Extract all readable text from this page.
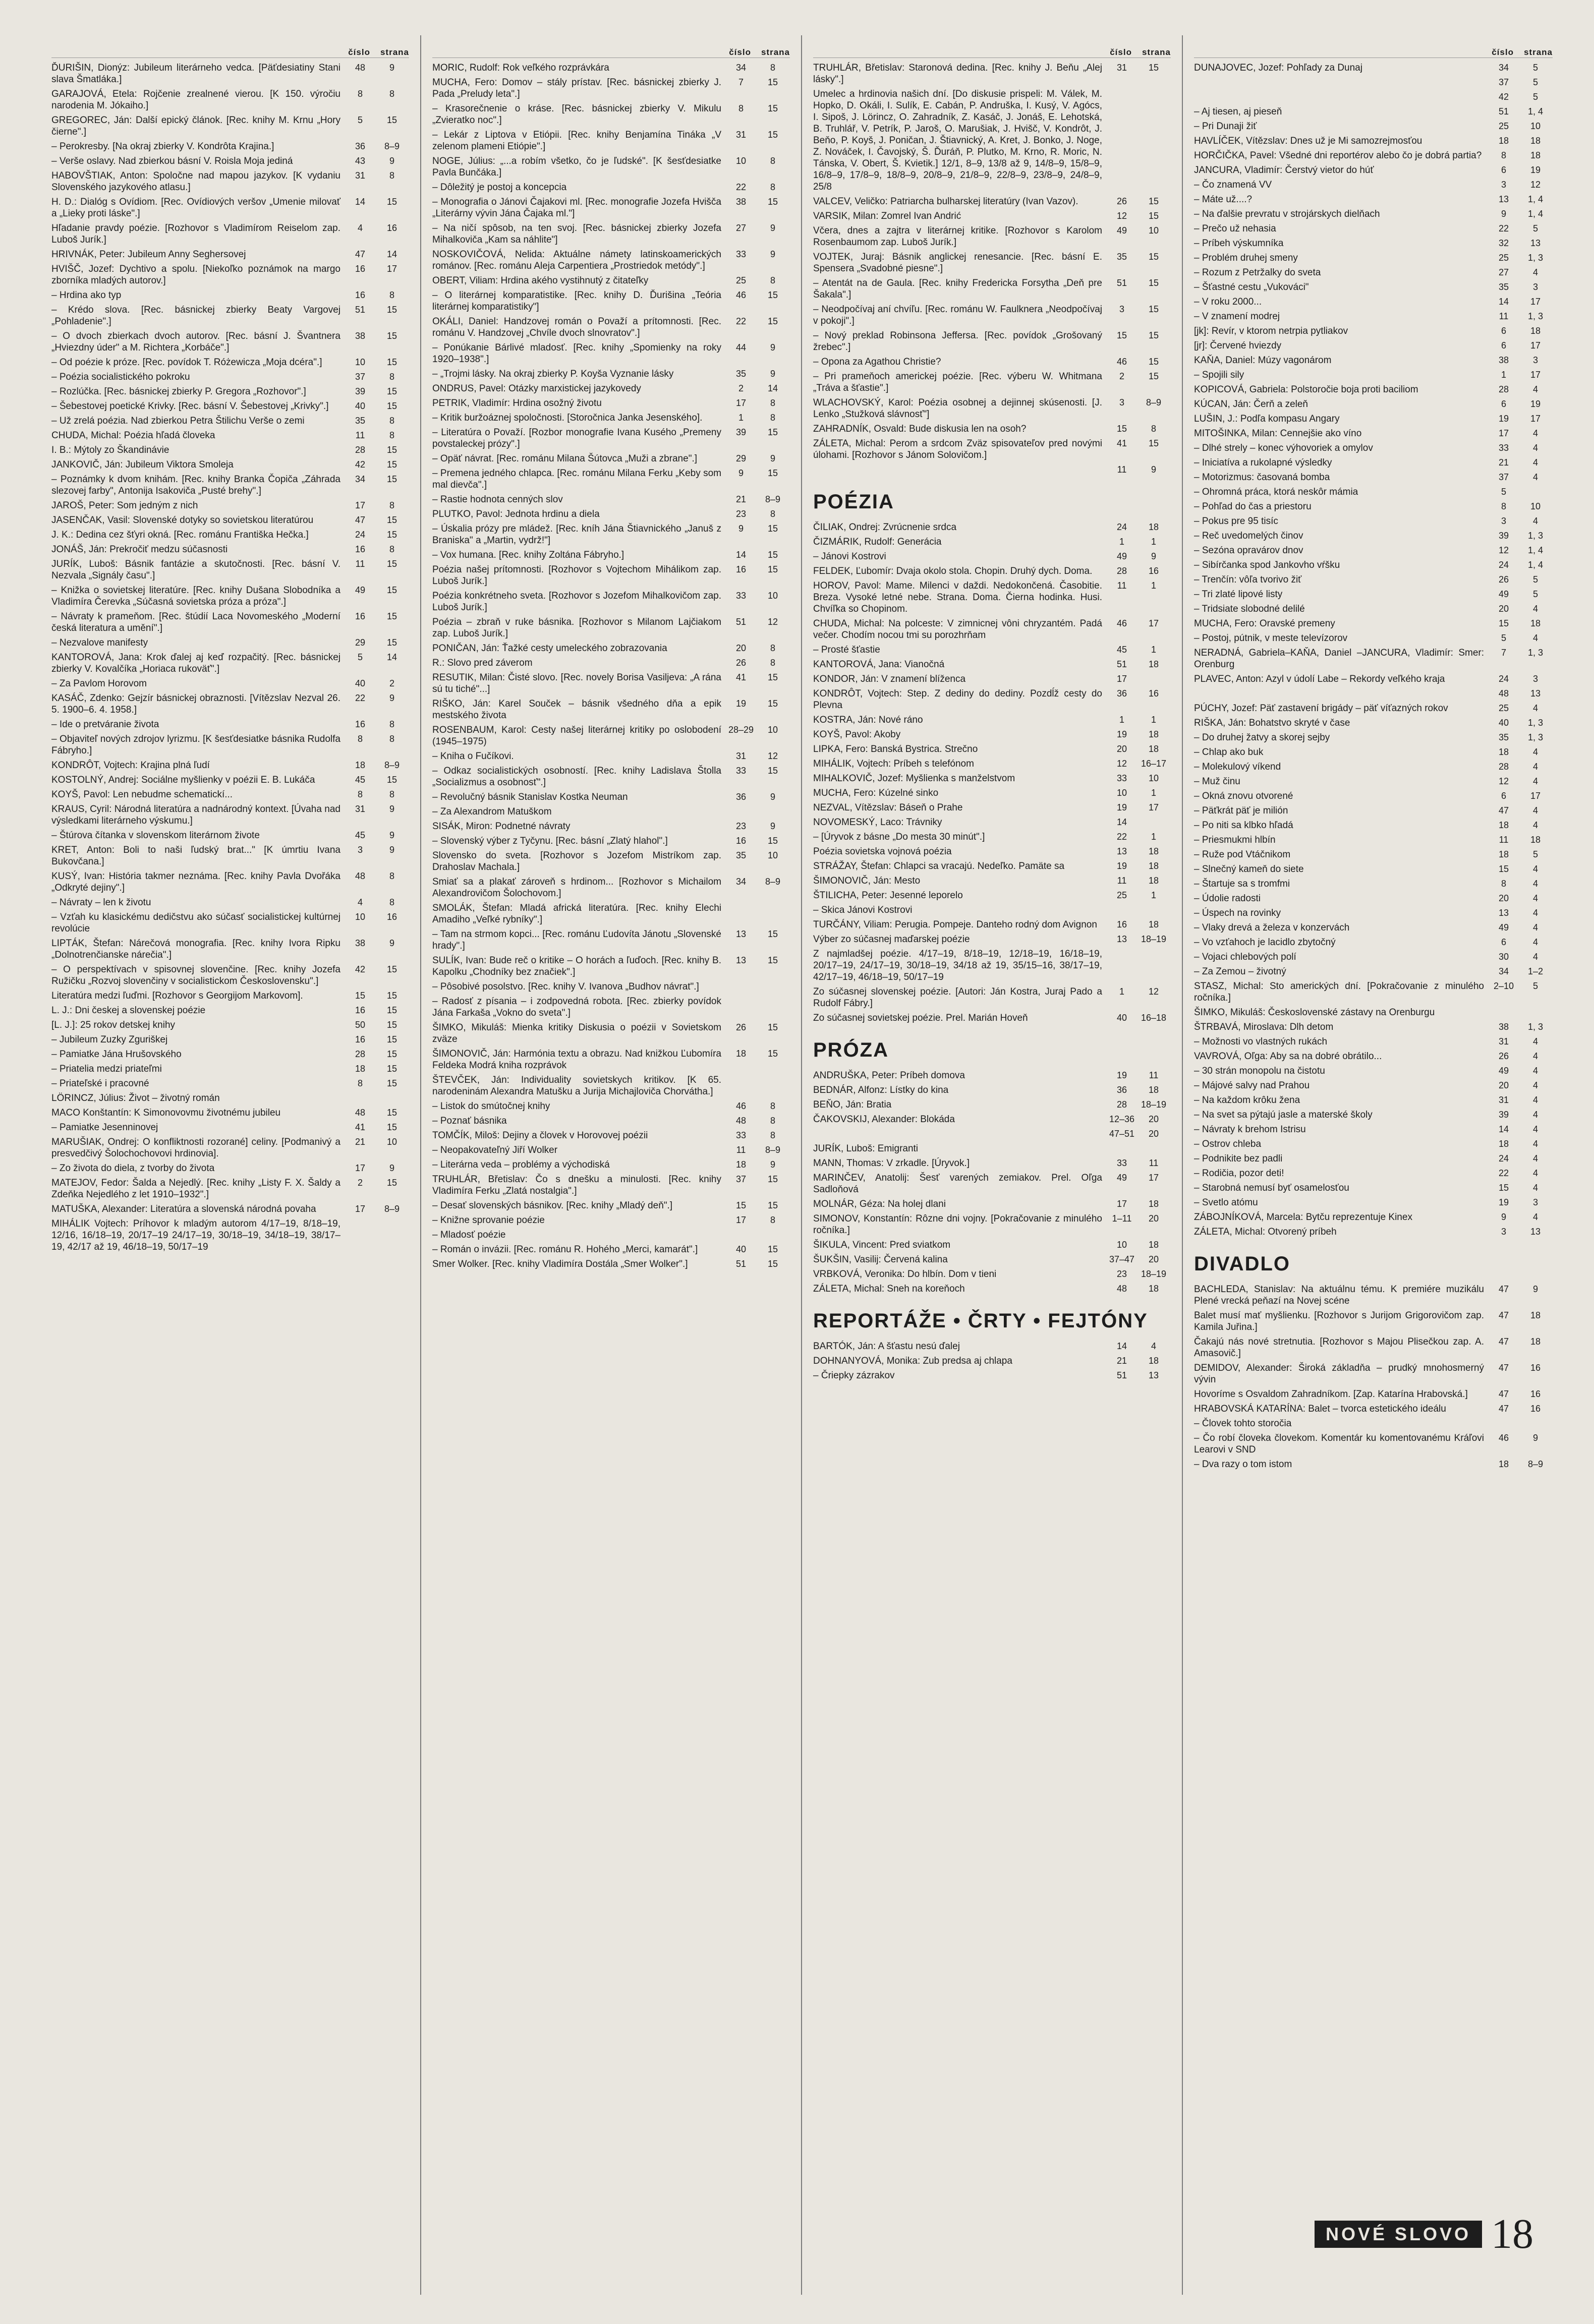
číslo strana
ĎURIŠIN, Dionýz: Jubileum literárneho vedca. [Päťdesiatiny Stani slava Šmatláka.]
48	9
GARAJOVÁ, Etela: Rojčenie zrealnené vierou. [K 150. výročiu narodenia M. Jókaiho.]
8	8
GREGOREC, Ján: Další epický článok. [Rec. knihy M. Krnu „Hory čierne".]
5	15
– Perokresby. [Na okraj zbierky V. Kondrôta Krajina.]	36	8–9
– Verše oslavy. Nad zbierkou básní V. Roisla Moja jediná	43	9
HABOVŠTIAK, Anton: Spoločne nad mapou jazykov. [K vydaniu Slovenského jazykového atlasu.]
31	8
H. D.: Dialóg s Ovídiom. [Rec. Ovídiových veršov „Umenie milovať a „Lieky proti láske".]
14	15
Hľadanie pravdy poézie. [Rozhovor s Vladimírom Reiselom zap. Luboš Jurík.]
4	16
HRIVNÁK, Peter: Jubileum Anny Seghersovej	47	14
HVIŠČ, Jozef: Dychtivo a spolu. [Niekoľko poznámok na margo zborníka mladých autorov.]
16	17
– Hrdina ako typ	16	8
– Krédo slova. [Rec. básnickej zbierky Beaty Vargovej „Pohladenie".]
51	15
– O dvoch zbierkach dvoch autorov. [Rec. básní J. Švantnera „Hviezdny úder" a M. Richtera „Korbáče".]
38	15
– Od poézie k próze. [Rec. povídok T. Różewicza „Moja dcéra".]	10	15
– Poézia socialistického pokroku	37	8
– Rozlúčka. [Rec. básnickej zbierky P. Gregora „Rozhovor".]	39	15
– Šebestovej poetické Krivky. [Rec. básní V. Šebestovej „Krivky".]	40	15
– Už zrelá poézia. Nad zbierkou Petra Štilichu Verše o zemi	35	8
CHUDA, Michal: Poézia hľadá človeka	11	8
I. B.: Mýtoly zo Škandinávie	28	15
JANKOVIČ, Ján: Jubileum Viktora Smoleja	42	15
– Poznámky k dvom knihám. [Rec. knihy Branka Čopiča „Záhrada slezovej farby", Antonija Isakoviča „Pusté brehy".]
34	15
JAROŠ, Peter: Som jedným z nich	17	8
JASENČAK, Vasil: Slovenské dotyky so sovietskou literatúrou	47	15
J. K.: Dedina cez šťyri okná. [Rec. románu Františka Hečka.]	24	15
JONÁŠ, Ján: Prekročiť medzu súčasnosti	16	8
JURÍK, Luboš: Básnik fantázie a skutočnosti. [Rec. básní V. Nezvala „Signály času".]
11	15
– Knižka o sovietskej literatúre. [Rec. knihy Dušana Slobodníka a Vladimíra Čerevka „Súčasná sovietska próza a próza".]
49	15
– Návraty k prameňom. [Rec. štúdií Laca Novomeského „Moderní česká literatura a umění".]
16	15
– Nezvalove manifesty	29	15
KANTOROVÁ, Jana: Krok ďalej aj keď rozpačitý. [Rec. básnickej zbierky V. Kovalčíka „Horiaca rukoväť".]
5	14
– Za Pavlom Horovom	40	2
KASÁČ, Zdenko: Gejzír básnickej obraznosti. [Vítězslav Nezval 26. 5. 1900–6. 4. 1958.]
22	9
– Ide o pretváranie života	16	8
– Objaviteľ nových zdrojov lyrizmu. [K šesťdesiatke básnika Rudolfa Fábryho.]
8	8
KONDRÔT, Vojtech: Krajina plná ľudí	18	8–9
KOSTOLNÝ, Andrej: Sociálne myšlienky v poézii E. B. Lukáča	45	15
KOYŠ, Pavol: Len nebudme schematickí...	8	8
KRAUS, Cyril: Národná literatúra a nadnárodný kontext. [Úvaha nad výsledkami literárneho výskumu.]
31	9
– Štúrova čítanka v slovenskom literárnom živote	45	9
KRET, Anton: Boli to naši ľudský brat..." [K úmrtiu Ivana Bukovčana.]
3	9
KUSÝ, Ivan: História takmer neznáma. [Rec. knihy Pavla Dvořáka „Odkryté dejiny".]
48	8
– Návraty – len k životu	4	8
– Vzťah ku klasickému dedičstvu ako súčasť socialistickej kultúrnej revolúcie
10	16
LIPTÁK, Štefan: Nárečová monografia. [Rec. knihy Ivora Ripku „Dolnotrenčianske nárečia".]
38	9
– O perspektívach v spisovnej slovenčine. [Rec. knihy Jozefa Ružičku „Rozvoj slovenčiny v socialistickom Československu".]
42	15
Literatúra medzi ľuďmi. [Rozhovor s Georgijom Markovom].	15	15
L. J.: Dni českej a slovenskej poézie	16	15
[L. J.]: 25 rokov detskej knihy	50	15
– Jubileum Zuzky Zguriškej	16	15
– Pamiatke Jána Hrušovského	28	15
– Priatelia medzi priateľmi	18	15
– Priateľské i pracovné	8	15
LÖRINCZ, Július: Život – životný román
MACO Konštantín: K Simonovovmu životnému jubileu	48	15
– Pamiatke Jesenninovej	41	15
MARUŠIAK, Ondrej: O konfliktnosti rozorané] celiny. [Podmanivý a presvedčivý Šolochochovovi hrdinovia].
21	10
– Zo života do diela, z tvorby do života	17	9
MATEJOV, Fedor: Šalda a Nejedlý. [Rec. knihy „Listy F. X. Šaldy a Zdeňka Nejedlého z let 1910–1932".]
2	15
MATUŠKA, Alexander: Literatúra a slovenská národná povaha	17	8–9
MIHÁLIK Vojtech: Príhovor k mladým autorom 4/17–19, 8/18–19, 12/16, 16/18–19, 20/17–19 24/17–19, 30/18–19, 34/18–19, 38/17–19, 42/17 až 19, 46/18–19, 50/17–19
číslo strana
MORIC, Rudolf: Rok veľkého rozprávkára	34	8
MUCHA, Fero: Domov – stály prístav. [Rec. básnickej zbierky J. Pada „Preludy leta".]
7	15
– Krasorečnenie o kráse. [Rec. básnickej zbierky V. Mikulu „Zvieratko noc".]
8	15
– Lekár z Liptova v Etiópii. [Rec. knihy Benjamína Tináka „V zelenom plameni Etiópie".]
31	15
NOGE, Július: „...a robím všetko, čo je ľudské". [K šesťdesiatke Pavla Bunčáka.]
10	8
– Dôležitý je postoj a koncepcia	22	8
– Monografia o Jánovi Čajakovi ml. [Rec. monografie Jozefa Hvišča „Literárny vývin Jána Čajaka ml."]
38	15
– Na ničí spôsob, na ten svoj. [Rec. básnickej zbierky Jozefa Mihalkoviča „Kam sa náhlite"]
27	9
NOSKOVIČOVÁ, Nelida: Aktuálne námety latinskoamerických románov. [Rec. románu Aleja Carpentiera „Prostriedok metódy".]
33	9
OBERT, Viliam: Hrdina akého vystihnutý z čitateľky	25	8
– O literárnej komparatistike. [Rec. knihy D. Ďurišina „Teória literárnej komparatistiky"]
46	15
OKÁLI, Daniel: Handzovej román o Považí a prítomnosti. [Rec. románu V. Handzovej „Chvíle dvoch slnovratov".]
22	15
– Ponúkanie Bárlivé mladosť. [Rec. knihy „Spomienky na roky 1920–1938".]
44	9
– „Trojmi lásky. Na okraj zbierky P. Koyša Vyznanie lásky	35	9
ONDRUS, Pavel: Otázky marxistickej jazykovedy	2	14
PETRIK, Vladimír: Hrdina osožný životu	17	8
– Kritik buržoáznej spoločnosti. [Storočnica Janka Jesenského].	1	8
– Literatúra o Považí. [Rozbor monografie Ivana Kusého „Premeny povstaleckej prózy".]
39	15
– Opäť návrat. [Rec. románu Milana Šútovca „Muži a zbrane".]	29	9
– Premena jedného chlapca. [Rec. románu Milana Ferku „Keby som mal dievča".]
9	15
– Rastie hodnota cenných slov	21	8–9
PLUTKO, Pavol: Jednota hrdinu a diela	23	8
– Úskalia prózy pre mládež. [Rec. kníh Jána Štiavnického „Januš z Braniska" a „Martin, vydrž!"]
9	15
– Vox humana. [Rec. knihy Zoltána Fábryho.]	14	15
Poézia našej prítomnosti. [Rozhovor s Vojtechom Mihálikom zap. Luboš Jurík.]
16	15
Poézia konkrétneho sveta. [Rozhovor s Jozefom Mihalkovičom zap. Luboš Jurík.]
33	10
Poézia – zbraň v ruke básnika. [Rozhovor s Milanom Lajčiakom zap. Luboš Jurík.]
51	12
PONIČAN, Ján: Ťažké cesty umeleckého zobrazovania	20	8
R.: Slovo pred záverom	26	8
RESUTIK, Milan: Čisté slovo. [Rec. novely Borisa Vasiljeva: „A rána sú tu tiché"...]
41	15
RIŠKO, Ján: Karel Souček – básnik všedného dňa a epik mestského života
19	15
ROSENBAUM, Karol: Cesty našej literárnej kritiky po oslobodení (1945–1975)
28–29	10
– Kniha o Fučíkovi.	31	12
– Odkaz socialistických osobností. [Rec. knihy Ladislava Štolla „Socializmus a osobnosť".]
33	15
– Revolučný básnik Stanislav Kostka Neuman	36	9
– Za Alexandrom Matuškom
SISÁK, Miron: Podnetné návraty	23	9
– Slovenský výber z Tyčynu. [Rec. básní „Zlatý hlahol".]	16	15
Slovensko do sveta. [Rozhovor s Jozefom Mistríkom zap. Drahoslav Machala.]
35	10
Smiať sa a plakať zároveň s hrdinom... [Rozhovor s Michailom Alexandrovičom Šolochovom.]
34	8–9
SMOLÁK, Štefan: Mladá africká literatúra. [Rec. knihy Elechi Amadiho „Veľké rybníky".]
– Tam na strmom kopci... [Rec. románu Ľudovíta Jánotu „Slovenské hrady".]
13	15
SULÍK, Ivan: Bude reč o kritike – O horách a ľuďoch. [Rec. knihy B. Kapolku „Chodníky bez značiek".]
13	15
– Pôsobivé posolstvo. [Rec. knihy V. Ivanova „Budhov návrat".]
– Radosť z písania – i zodpovedná robota. [Rec. zbierky povídok Jána Farkaša „Vokno do sveta".]
ŠIMKO, Mikuláš: Mienka kritiky Diskusia o poézii v Sovietskom zväze
26	15
ŠIMONOVIČ, Ján: Harmónia textu a obrazu. Nad knižkou Ľubomíra Feldeka Modrá kniha rozprávok
18	15
ŠTEVČEK, Ján: Individuality sovietskych kritikov. [K 65. narodeninám Alexandra Matušku a Jurija Michajloviča Chorvátha.]
– Listok do smútočnej knihy	46	8
– Poznať básnika	48	8
TOMČÍK, Miloš: Dejiny a človek v Horovovej poézii	33	8
– Neopakovateľný Jiří Wolker	11	8–9
– Literárna veda – problémy a východiská	18	9
TRUHLÁR, Břetislav: Čo s dnešku a minulosti. [Rec. knihy Vladimíra Ferku „Zlatá nostalgia".]
37	15
– Desať slovenských básnikov. [Rec. knihy „Mladý deň".]	15	15
– Knižne sprovanie poézie	17	8
– Mladosť poézie
– Román o invázii. [Rec. románu R. Hohého „Merci, kamarát".]	40	15
Smer Wolker. [Rec. knihy Vladimíra Dostála „Smer Wolker".]	51	15
číslo strana
TRUHLÁR, Břetislav: Staronová dedina. [Rec. knihy J. Beňu „Alej lásky".]
31	15
Umelec a hrdinovia našich dní. [Do diskusie prispeli: M. Válek, M. Hopko, D. Okáli, I. Sulík, E. Cabán, P. Andruška, I. Kusý, V. Agócs, I. Sipoš, J. Lörincz, O. Zahradník, Z. Kasáč, J. Jonáš, E. Lehotská, B. Truhlář, V. Petrík, P. Jaroš, O. Marušiak, J. Hvišč, V. Kondrôt, J. Beňo, P. Koyš, J. Poničan, J. Štiavnický, A. Kret, J. Bonko, J. Noge, Z. Nováček, I. Čavojský, Š. Ďuráň, P. Plutko, M. Krno, R. Moric, N. Tánska, V. Obert, Š. Kvietik.] 12/1, 8–9, 13/8 až 9, 14/8–9, 15/8–9, 16/8–9, 17/8–9, 18/8–9, 20/8–9, 21/8–9, 22/8–9, 23/8–9, 24/8–9, 25/8
VALCEV, Veličko: Patriarcha bulharskej literatúry (Ivan Vazov).	26	15
VARSIK, Milan: Zomrel Ivan Andrić	12	15
Včera, dnes a zajtra v literárnej kritike. [Rozhovor s Karolom Rosenbaumom zap. Luboš Jurík.]
49	10
VOJTEK, Juraj: Básnik anglickej renesancie. [Rec. básní E. Spensera „Svadobné piesne".]
35	15
– Atentát na de Gaula. [Rec. knihy Fredericka Forsytha „Deň pre Šakala".]
51	15
– Neodpočívaj aní chvíľu. [Rec. románu W. Faulknera „Neodpočívaj v pokoji".]
3	15
– Nový preklad Robinsona Jeffersa. [Rec. povídok „Grošovaný žrebec".]
15	15
– Opona za Agathou Christie?	46	15
– Pri prameňoch americkej poézie. [Rec. výberu W. Whitmana „Tráva a šťastie".]
2	15
WLACHOVSKÝ, Karol: Poézia osobnej a dejinnej skúsenosti. [J. Lenko „Stužková slávnosť"]
3	8–9
ZAHRADNÍK, Osvald: Bude diskusia len na osoh?	15	8
ZÁLETA, Michal: Perom a srdcom Zväz spisovateľov pred novými úlohami. [Rozhovor s Jánom Solovičom.]
41	15
11	9
POÉZIA
ČILIAK, Ondrej: Zvrúcnenie srdca	24	18
ČIZMÁRIK, Rudolf: Generácia	1	1
– Jánovi Kostrovi	49	9
FELDEK, Ľubomír: Dvaja okolo stola. Chopin. Druhý dych. Doma.	28	16
HOROV, Pavol: Mame. Milenci v daždi. Nedokončená. Časobitie. Breza. Vysoké letné nebe. Strana. Doma. Čierna hodinka. Husi. Chvíľka so Chopinom.
11	1
CHUDA, Michal: Na polceste: V zimnicnej vôni chryzantém. Padá večer. Chodím nocou tmi su porozhrňam
46	17
– Prosté šťastie	45	1
KANTOROVÁ, Jana: Vianočná	51	18
KONDOR, Ján: V znamení blíženca	17
KONDRÔT, Vojtech: Step. Z dediny do dediny. Pozdĺž cesty do Plevna
36	16
KOSTRA, Ján: Nové ráno	1	1
KOYŠ, Pavol: Akoby	19	18
LIPKA, Fero: Banská Bystrica. Strečno	20	18
MIHÁLIK, Vojtech: Príbeh s telefónom	12	16–17
MIHALKOVIČ, Jozef: Myšlienka s manželstvom	33	10
MUCHA, Fero: Kúzelné sinko	10	1
NEZVAL, Vítězslav: Báseň o Prahe	19	17
NOVOMESKÝ, Laco: Trávniky	14
– [Úryvok z básne „Do mesta 30 minút".]	22	1
Poézia sovietska vojnová poézia	13	18
STRÁŽAY, Štefan: Chlapci sa vracajú. Nedeľko. Pamäte sa	19	18
ŠIMONOVIČ, Ján: Mesto	11	18
ŠTILICHA, Peter: Jesenné leporelo	25	1
– Skica Jánovi Kostrovi
TURČÁNY, Viliam: Perugia. Pompeje. Danteho rodný dom Avignon	16	18
Výber zo súčasnej maďarskej poézie	13	18–19
Z najmladšej poézie. 4/17–19, 8/18–19, 12/18–19, 16/18–19, 20/17–19, 24/17–19, 30/18–19, 34/18 až 19, 35/15–16, 38/17–19, 42/17–19, 46/18–19, 50/17–19
Zo súčasnej slovenskej poézie. [Autori: Ján Kostra, Juraj Pado a Rudolf Fábry.]
1	12
Zo súčasnej sovietskej poézie. Prel. Marián Hoveň	40	16–18
PRÓZA
ANDRUŠKA, Peter: Príbeh domova	19	11
BEDNÁR, Alfonz: Lístky do kina	36	18
BEŇO, Ján: Bratia	28	18–19
ČAKOVSKIJ, Alexander: Blokáda	12–36	20
47–51	20
JURÍK, Luboš: Emigranti
MANN, Thomas: V zrkadle. [Úryvok.]	33	11
MARINČEV, Anatolij: Šesť varených zemiakov. Prel. Oľga Sadloňová
49	17
MOLNÁR, Géza: Na holej dlani	17	18
SIMONOV, Konstantín: Rôzne dni vojny. [Pokračovanie z minulého ročníka.]
1–11	20
ŠIKULA, Vincent: Pred sviatkom	10	18
ŠUKŠIN, Vasilij: Červená kalina	37–47	20
VRBKOVÁ, Veronika: Do hlbín. Dom v tieni	23	18–19
ZÁLETA, Michal: Sneh na koreňoch	48	18
REPORTÁŽE • ČRTY • FEJTÓNY
BARTÓK, Ján: A šťastu nesú ďalej	14	4
DOHNANYOVÁ, Monika: Zub predsa aj chlapa	21	18
– Čriepky zázrakov	51	13
číslo strana
DUNAJOVEC, Jozef: Pohľady za Dunaj	34	5
37	5
42	5
– Aj tiesen, aj pieseň	51	1, 4
– Pri Dunaji žiť	25	10
HAVLÍČEK, Vítězslav: Dnes už je Mi samozrejmosťou	18	18
HORČIČKA, Pavel: Všedné dni reportérov alebo čo je dobrá partia?	8	18
JANCURA, Vladimír: Čerstvý vietor do húť	6	19
– Čo znamená VV	3	12
– Máte už....?	13	1, 4
– Na ďalšie prevratu v strojárskych dielňach	9	1, 4
– Prečo už nehasia	22	5
– Príbeh výskumníka	32	13
– Problém druhej smeny	25	1, 3
– Rozum z Petržalky do sveta	27	4
– Šťastné cestu „Vukováci"	35	3
– V roku 2000...	14	17
– V znamení modrej	11	1, 3
[jk]: Revír, v ktorom netrpia pytliakov	6	18
[jr]: Červené hviezdy	6	17
KAŇA, Daniel: Múzy vagonárom	38	3
– Spojili sily	1	17
KOPICOVÁ, Gabriela: Polstoročie boja proti baciliom	28	4
KÚCAN, Ján: Čerň a zeleň	6	19
LUŠIN, J.: Podľa kompasu Angary	19	17
MITOŠINKA, Milan: Cennejšie ako víno	17	4
– Dlhé strely – konec výhovoriek a omylov	33	4
– Iniciatíva a rukolapné výsledky	21	4
– Motorizmus: časovaná bomba	37	4
– Ohromná práca, ktorá neskôr mámia	5
– Pohľad do čas a priestoru	8	10
– Pokus pre 95 tisíc	3	4
– Reč uvedomelých činov	39	1, 3
– Sezóna opravárov dnov	12	1, 4
– Sibírčanka spod Jankovho vŕšku	24	1, 4
– Trenčín: vôľa tvorivo žiť	26	5
– Tri zlaté lipové listy	49	5
– Tridsiate slobodné delilé	20	4
MUCHA, Fero: Oravské premeny	15	18
– Postoj, pútnik, v meste televízorov	5	4
NERADNÁ, Gabriela–KAŇA, Daniel –JANCURA, Vladimír: Smer: Orenburg
7	1, 3
PLAVEC, Anton: Azyl v údolí Labe – Rekordy veľkého kraja	24	3
48	13
PÚCHY, Jozef: Päť zastavení brigády – päť víťazných rokov	25	4
RIŠKA, Ján: Bohatstvo skryté v čase	40	1, 3
– Do druhej žatvy a skorej sejby	35	1, 3
– Chlap ako buk	18	4
– Molekulový víkend	28	4
– Muž činu	12	4
– Okná znovu otvorené	6	17
– Päťkrát päť je milión	47	4
– Po niti sa klbko hľadá	18	4
– Priesmukmi hlbín	11	18
– Ruže pod Vtáčnikom	18	5
– Slnečný kameň do siete	15	4
– Štartuje sa s tromfmi	8	4
– Údolie radosti	20	4
– Úspech na rovinky	13	4
– Vlaky drevá a železa v konzervách	49	4
– Vo vzťahoch je lacidlo zbytočný	6	4
– Vojaci chlebových polí	30	4
– Za Zemou – životný	34	1–2
STASZ, Michal: Sto amerických dní. [Pokračovanie z minulého ročníka.]
2–10	5
ŠIMKO, Mikuláš: Československé zástavy na Orenburgu
ŠTRBAVÁ, Miroslava: Dlh detom	38	1, 3
– Možnosti vo vlastných rukách	31	4
VAVROVÁ, Oľga: Aby sa na dobré obrátilo...	26	4
– 30 strán monopolu na čistotu	49	4
– Májové salvy nad Prahou	20	4
– Na každom krôku žena	31	4
– Na svet sa pýtajú jasle a materské školy	39	4
– Návraty k brehom Istrisu	14	4
– Ostrov chleba	18	4
– Podnikite bez padli	24	4
– Rodičia, pozor deti!	22	4
– Starobná nemusí byť osamelosťou	15	4
– Svetlo atómu	19	3
ZÁBOJNÍKOVÁ, Marcela: Bytču reprezentuje Kinex	9	4
ZÁLETA, Michal: Otvorený príbeh	3	13
DIVADLO
BACHLEDA, Stanislav: Na aktuálnu tému. K premiére muzikálu Plené vrecká peňazí na Novej scéne
47	9
Balet musí mať myšlienku. [Rozhovor s Jurijom Grigorovičom zap. Kamila Juřina.]
47	18
Čakajú nás nové stretnutia. [Rozhovor s Majou Plisečkou zap. A. Amasovič.]
47	18
DEMIDOV, Alexander: Široká základňa – prudký mnohosmerný vývin
47	16
Hovoríme s Osvaldom Zahradníkom. [Zap. Katarína Hrabovská.]	47	16
HRABOVSKÁ KATARÍNA: Balet – tvorca estetického ideálu	47	16
– Človek tohto storočia
– Čo robí človeka človekom. Komentár ku komentovanému Kráľovi Learovi v SND
46	9
– Dva razy o tom istom	18	8–9
NOVÉ SLOVO 18
